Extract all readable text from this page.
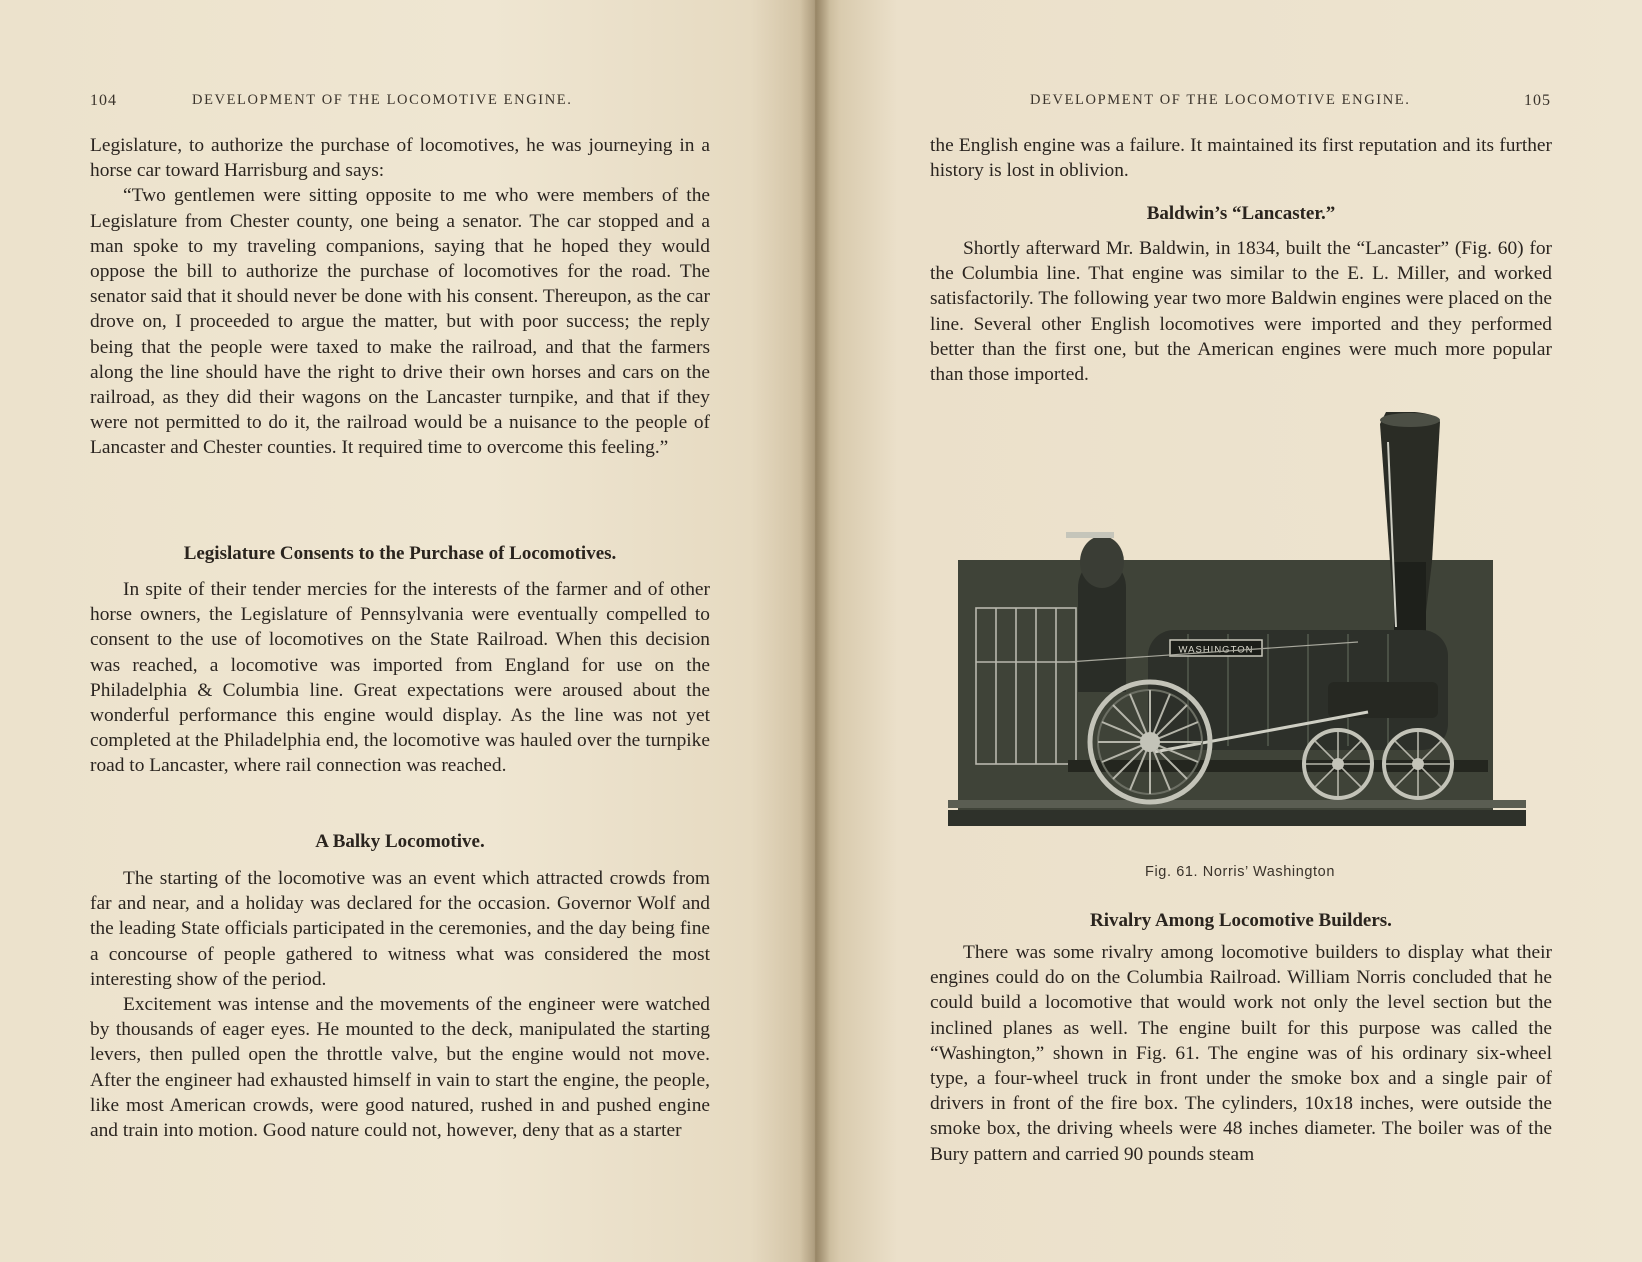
104	DEVELOPMENT OF THE LOCOMOTIVE ENGINE.

Legislature, to authorize the purchase of locomotives, he was journeying in a horse car toward Harrisburg and says:

“Two gentlemen were sitting opposite to me who were members of the Legislature from Chester county, one being a senator. The car stopped and a man spoke to my traveling companions, saying that he hoped they would oppose the bill to authorize the purchase of locomotives for the road. The senator said that it should never be done with his consent. Thereupon, as the car drove on, I proceeded to argue the matter, but with poor success; the reply being that the people were taxed to make the railroad, and that the farmers along the line should have the right to drive their own horses and cars on the railroad, as they did their wagons on the Lancaster turnpike, and that if they were not permitted to do it, the railroad would be a nuisance to the people of Lancaster and Chester counties. It required time to overcome this feeling.”

Legislature Consents to the Purchase of Locomotives.

In spite of their tender mercies for the interests of the farmer and of other horse owners, the Legislature of Pennsylvania were eventually compelled to consent to the use of locomotives on the State Railroad. When this decision was reached, a locomotive was imported from England for use on the Philadelphia & Columbia line. Great expectations were aroused about the wonderful performance this engine would display. As the line was not yet completed at the Philadelphia end, the locomotive was hauled over the turnpike road to Lancaster, where rail connection was reached.

A Balky Locomotive.

The starting of the locomotive was an event which attracted crowds from far and near, and a holiday was declared for the occasion. Governor Wolf and the leading State officials participated in the ceremonies, and the day being fine a concourse of people gathered to witness what was considered the most interesting show of the period.

Excitement was intense and the movements of the engineer were watched by thousands of eager eyes. He mounted to the deck, manipulated the starting levers, then pulled open the throttle valve, but the engine would not move. After the engineer had exhausted himself in vain to start the engine, the people, like most American crowds, were good natured, rushed in and pushed engine and train into motion. Good nature could not, however, deny that as a starter

DEVELOPMENT OF THE LOCOMOTIVE ENGINE.	105

the English engine was a failure. It maintained its first reputation and its further history is lost in oblivion.

Baldwin’s “Lancaster.”

Shortly afterward Mr. Baldwin, in 1834, built the “Lancaster” (Fig. 60) for the Columbia line. That engine was similar to the E. L. Miller, and worked satisfactorily. The following year two more Baldwin engines were placed on the line. Several other English locomotives were imported and they performed better than the first one, but the American engines were much more popular than those imported.

Rivalry Among Locomotive Builders.

There was some rivalry among locomotive builders to display what their engines could do on the Columbia Railroad. William Norris concluded that he could build a locomotive that would work not only the level section but the inclined planes as well. The engine built for this purpose was called the “Washington,” shown in Fig. 61. The engine was of his ordinary six-wheel type, a four-wheel truck in front under the smoke box and a single pair of drivers in front of the fire box. The cylinders, 10x18 inches, were outside the smoke box, the driving wheels were 48 inches diameter. The boiler was of the Bury pattern and carried 90 pounds steam

WASHINGTON
Fig. 61. Norris’ Washington
